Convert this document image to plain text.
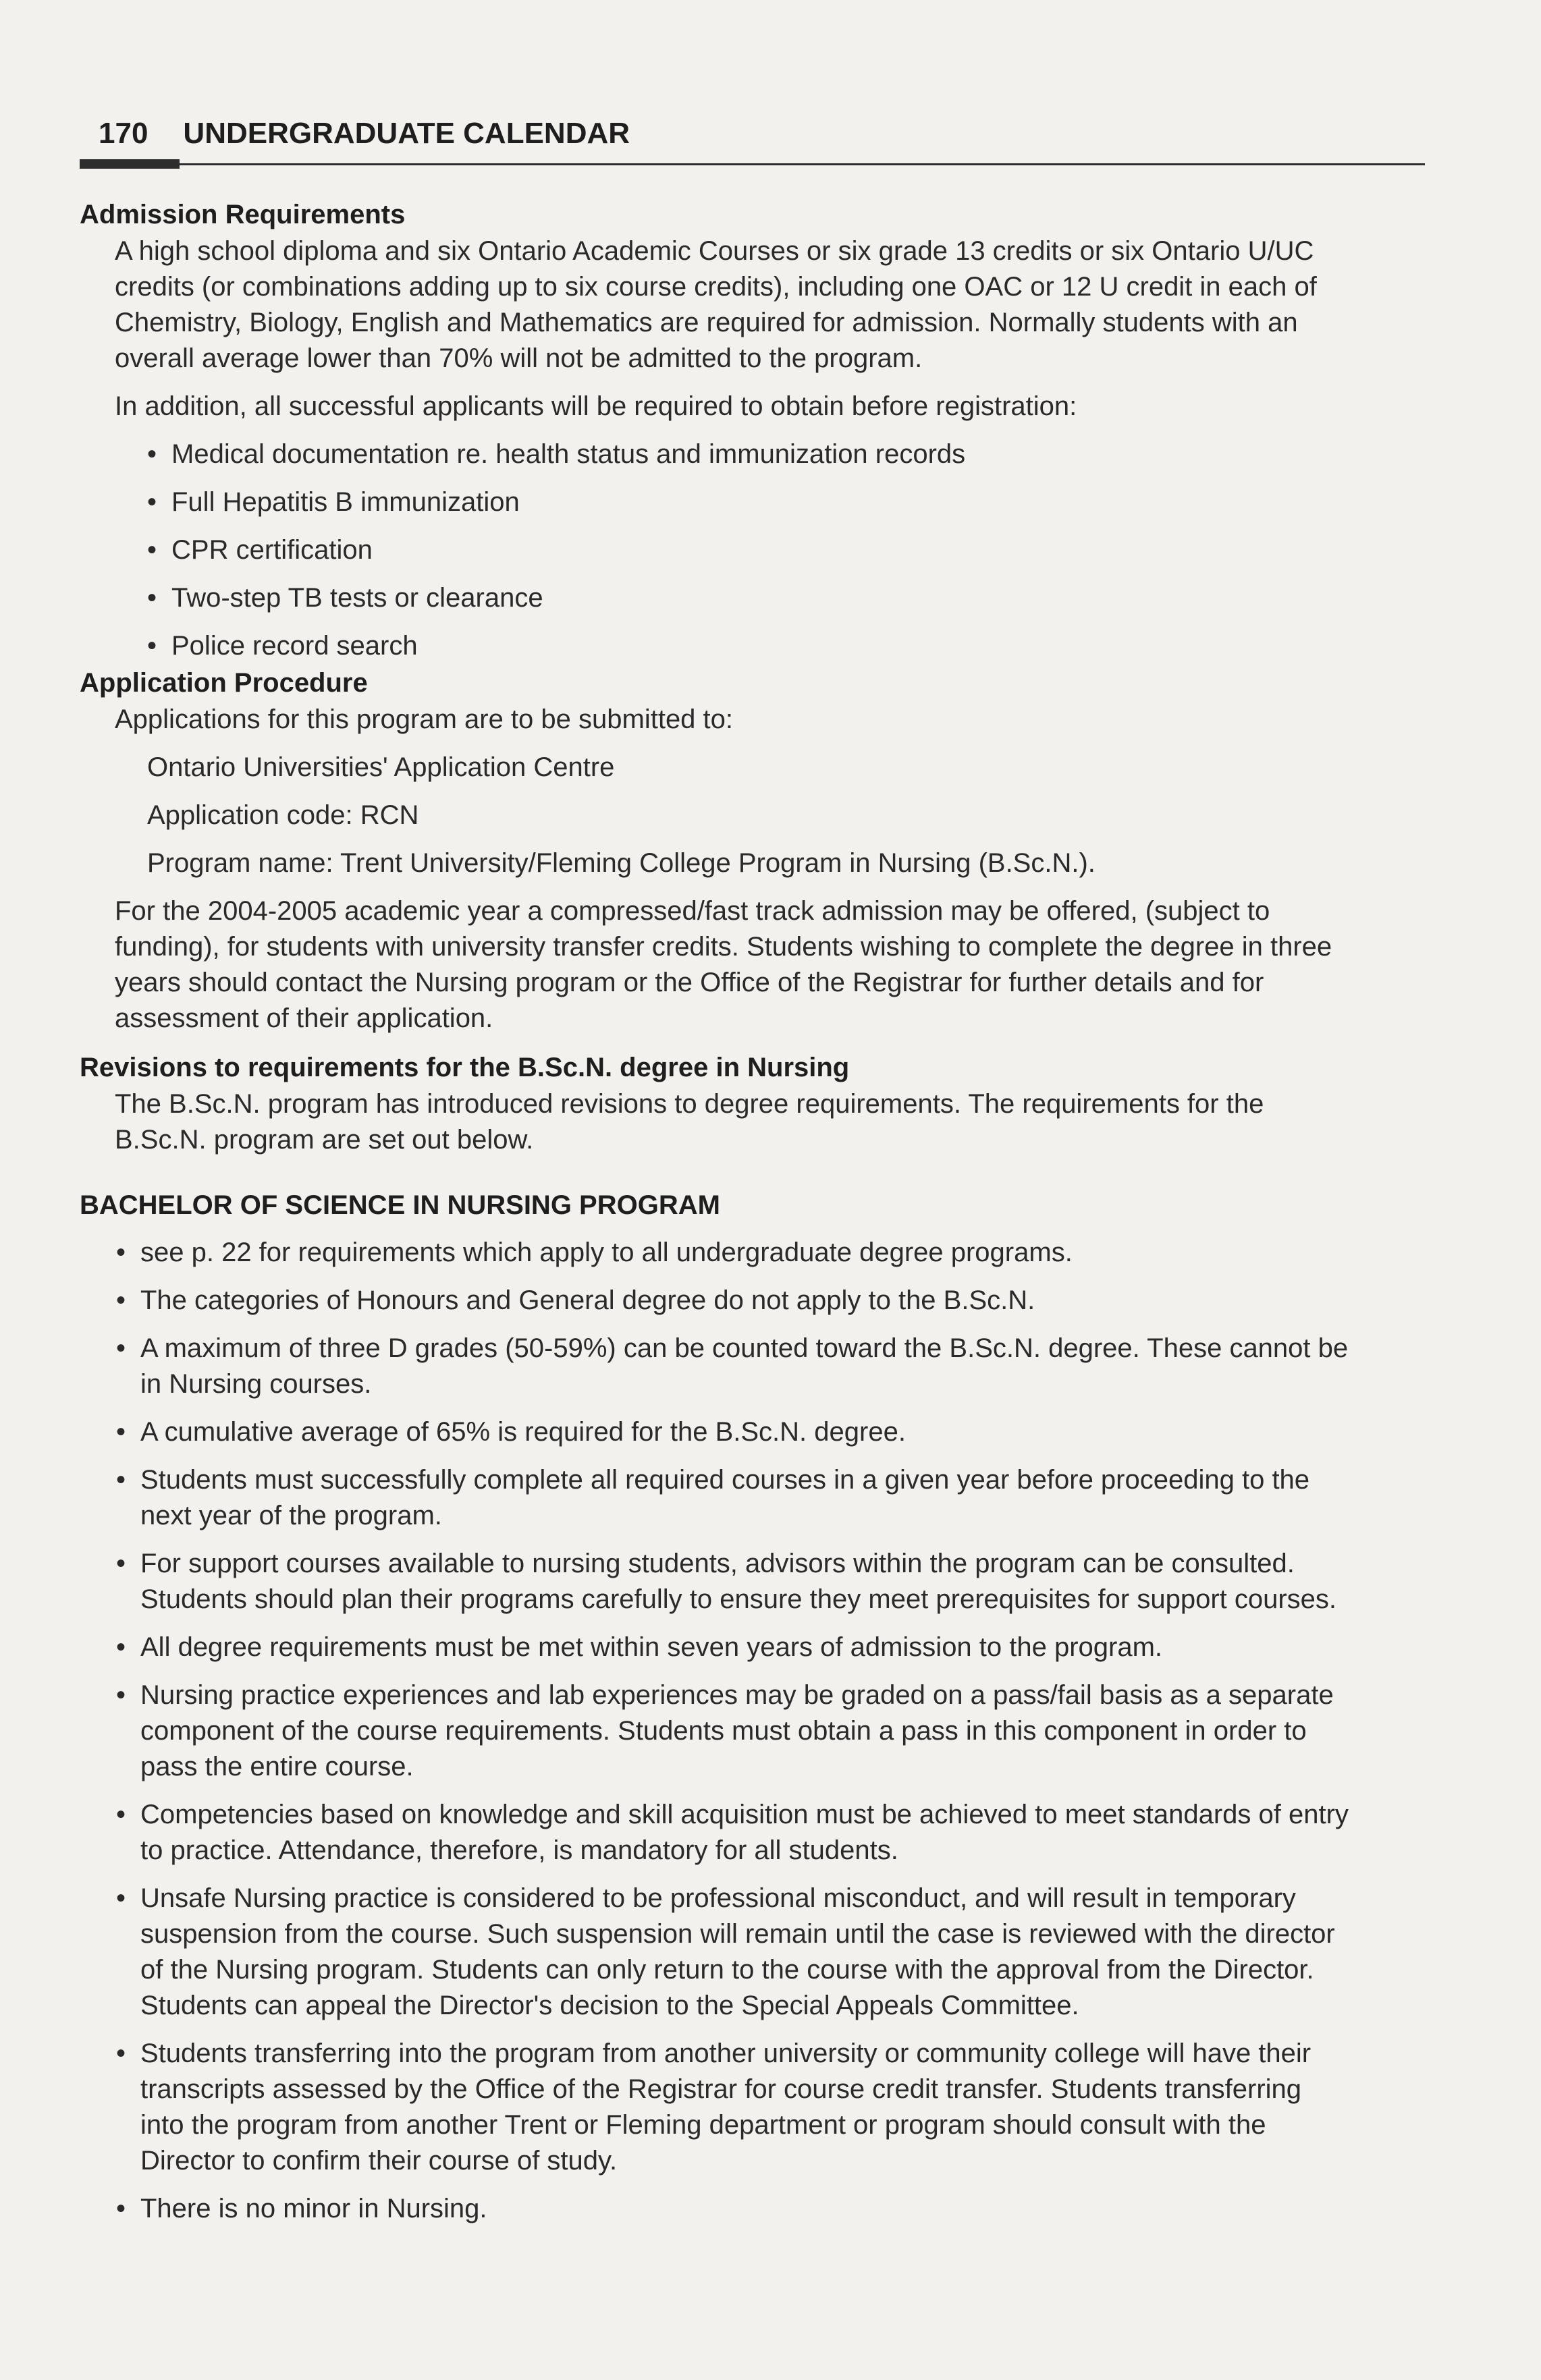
170 UNDERGRADUATE CALENDAR
Admission Requirements

A high school diploma and six Ontario Academic Courses or six grade 13 credits or six Ontario U/UC credits (or combinations adding up to six course credits), including one OAC or 12 U credit in each of Chemistry, Biology, English and Mathematics are required for admission. Normally students with an overall average lower than 70% will not be admitted to the program.

In addition, all successful applicants will be required to obtain before registration:

• Medical documentation re. health status and immunization records
• Full Hepatitis B immunization
• CPR certification
• Two-step TB tests or clearance
• Police record search
Application Procedure

Applications for this program are to be submitted to:

Ontario Universities' Application Centre

Application code: RCN

Program name: Trent University/Fleming College Program in Nursing (B.Sc.N.).

For the 2004-2005 academic year a compressed/fast track admission may be offered, (subject to funding), for students with university transfer credits. Students wishing to complete the degree in three years should contact the Nursing program or the Office of the Registrar for further details and for assessment of their application.

Revisions to requirements for the B.Sc.N. degree in Nursing

The B.Sc.N. program has introduced revisions to degree requirements. The requirements for the B.Sc.N. program are set out below.

BACHELOR OF SCIENCE IN NURSING PROGRAM
• see p. 22 for requirements which apply to all undergraduate degree programs.
• The categories of Honours and General degree do not apply to the B.Sc.N.
• A maximum of three D grades (50-59%) can be counted toward the B.Sc.N. degree. These cannot be in Nursing courses.
• A cumulative average of 65% is required for the B.Sc.N. degree.
• Students must successfully complete all required courses in a given year before proceeding to the next year of the program.
• For support courses available to nursing students, advisors within the program can be consulted. Students should plan their programs carefully to ensure they meet prerequisites for support courses.
• All degree requirements must be met within seven years of admission to the program.
• Nursing practice experiences and lab experiences may be graded on a pass/fail basis as a separate component of the course requirements. Students must obtain a pass in this component in order to pass the entire course.
• Competencies based on knowledge and skill acquisition must be achieved to meet standards of entry to practice. Attendance, therefore, is mandatory for all students.
• Unsafe Nursing practice is considered to be professional misconduct, and will result in temporary suspension from the course. Such suspension will remain until the case is reviewed with the director of the Nursing program. Students can only return to the course with the approval from the Director. Students can appeal the Director's decision to the Special Appeals Committee.
• Students transferring into the program from another university or community college will have their transcripts assessed by the Office of the Registrar for course credit transfer. Students transferring into the program from another Trent or Fleming department or program should consult with the Director to confirm their course of study.
• There is no minor in Nursing.
